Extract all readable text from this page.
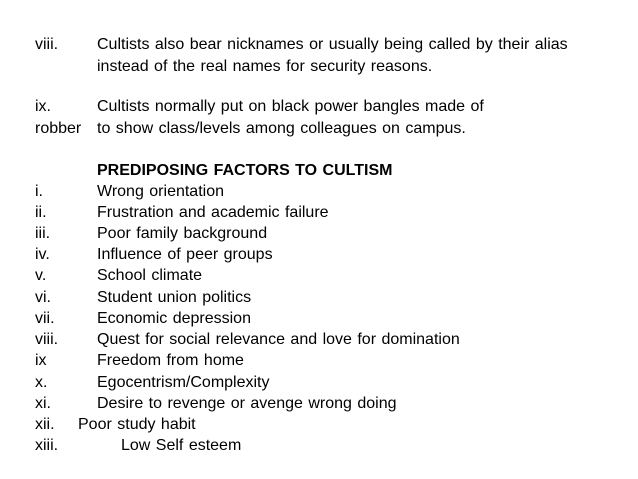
viii. Cultists also bear nicknames or usually being called by their alias
instead of the real names for security reasons.
ix.	Cultists normally put on black power bangles made of
robber to show class/levels among colleagues on campus.
PREDIPOSING FACTORS TO CULTISM
i.	Wrong orientation
ii.	Frustration and academic failure
iii.	Poor family background
iv.	Influence of peer groups
v.	School climate
vi.	Student union politics
vii.	Economic depression
viii. Quest for social relevance and love for domination
ix	Freedom from home
x.	Egocentrism/Complexity
xi.	Desire to revenge or avenge wrong doing
xii. Poor study habit
xiii.	Low Self esteem
